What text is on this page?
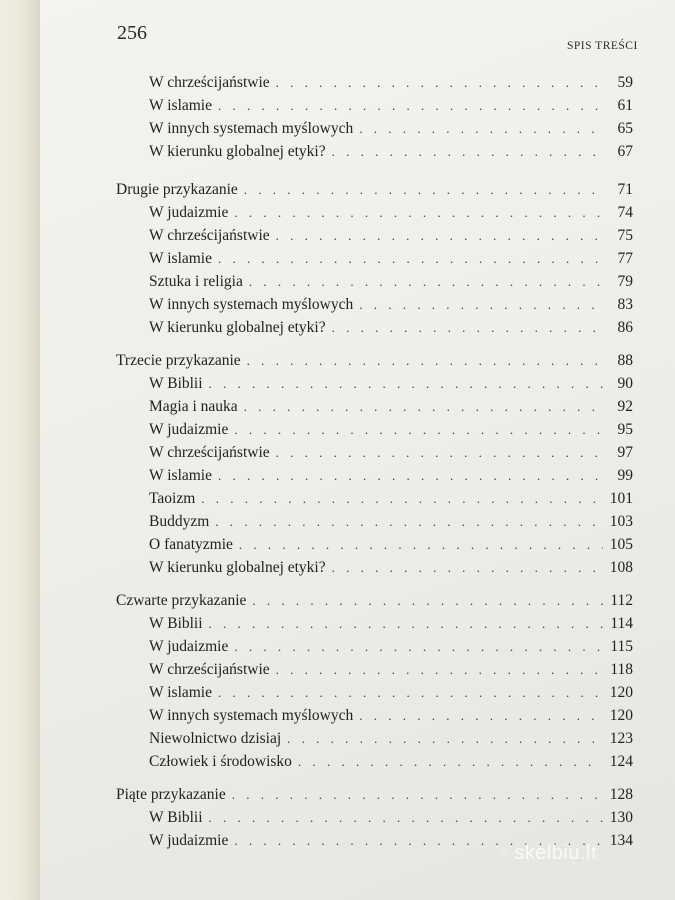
256
SPIS TREŚCI
W chrześcijaństwie . . .	59
W islamie . . .	61
W innych systemach myślowych . . .	65
W kierunku globalnej etyki? . . .	67
Drugie przykazanie . . .	71
W judaizmie . . .	74
W chrześcijaństwie . . .	75
W islamie . . .	77
Sztuka i religia . . .	79
W innych systemach myślowych . . .	83
W kierunku globalnej etyki? . . .	86
Trzecie przykazanie . . .	88
W Biblii . . .	90
Magia i nauka . . .	92
W judaizmie . . .	95
W chrześcijaństwie . . .	97
W islamie . . .	99
Taoizm . . .	101
Buddyzm . . .	103
O fanatyzmie . . .	105
W kierunku globalnej etyki? . . .	108
Czwarte przykazanie . . .	112
W Biblii . . .	114
W judaizmie . . .	115
W chrześcijaństwie . . .	118
W islamie . . .	120
W innych systemach myślowych . . .	120
Niewolnictwo dzisiaj . . .	123
Człowiek i środowisko . . .	124
Piąte przykazanie . . .	128
W Biblii . . .	130
W judaizmie . . .	134
⁙ skelbiu.lt
